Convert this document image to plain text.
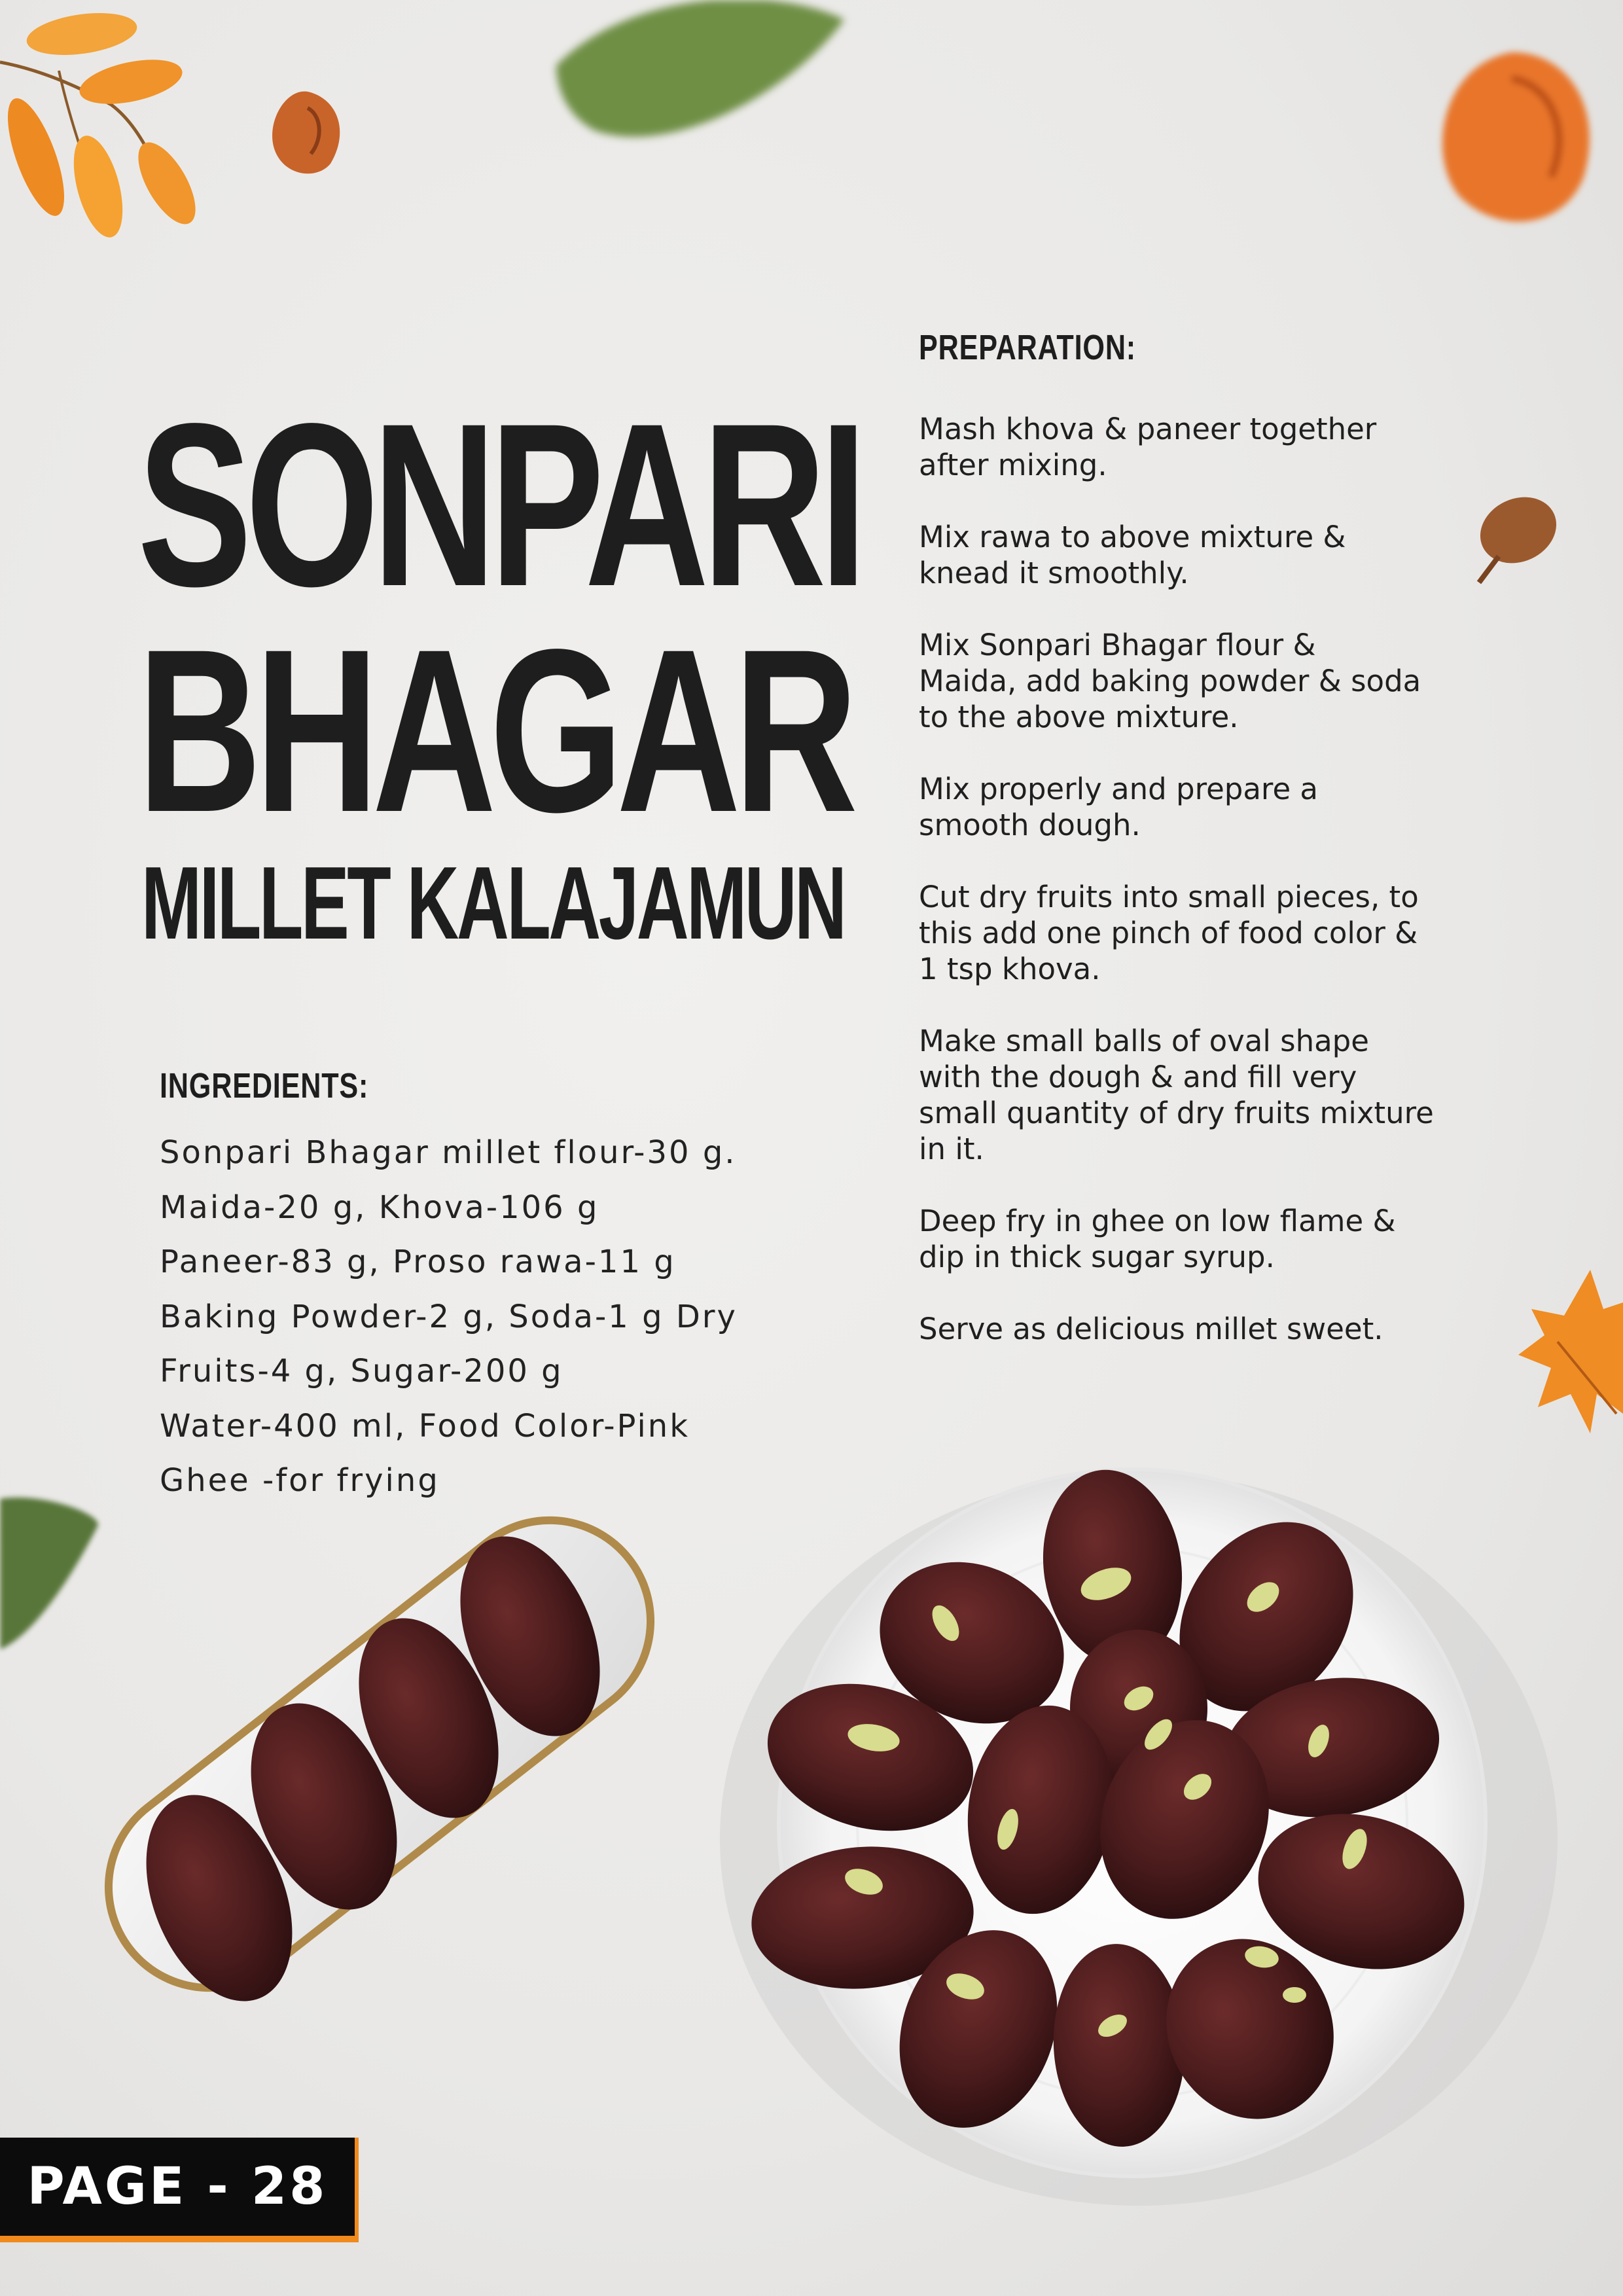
SONPARI
BHAGAR
MILLET KALAJAMUN
INGREDIENTS:
Sonpari Bhagar millet flour-30 g.
Maida-20 g, Khova-106 g
Paneer-83 g, Proso rawa-11 g
Baking Powder-2 g, Soda-1 g Dry
Fruits-4 g, Sugar-200 g
Water-400 ml, Food Color-Pink
Ghee -for frying
PREPARATION:
Mash khova & paneer together
after mixing.
Mix rawa to above mixture &
knead it smoothly.
Mix Sonpari Bhagar flour &
Maida, add baking powder & soda
to the above mixture.
Mix properly and prepare a
smooth dough.
Cut dry fruits into small pieces, to
this add one pinch of food color &
1 tsp khova.
Make small balls of oval shape
with the dough & and fill very
small quantity of dry fruits mixture
in it.
Deep fry in ghee on low flame &
dip in thick sugar syrup.
Serve as delicious millet sweet.
PAGE - 28
